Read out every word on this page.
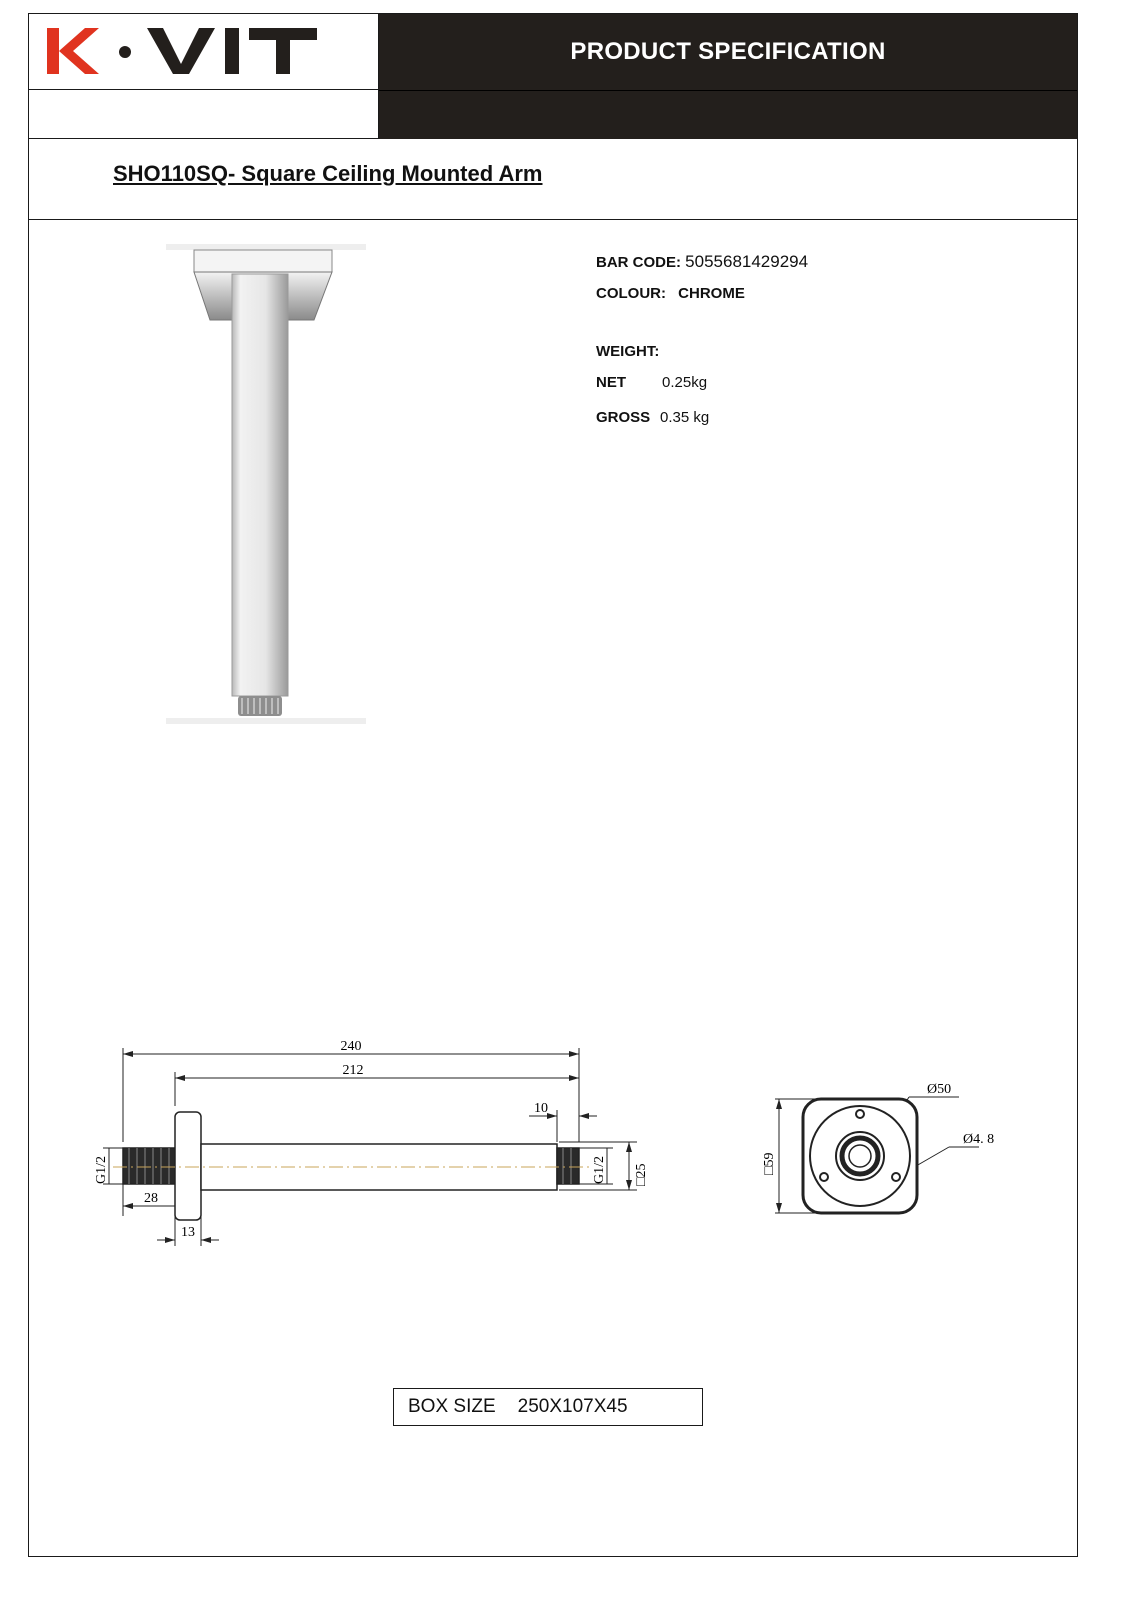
PRODUCT SPECIFICATION
SHO110SQ- Square Ceiling Mounted Arm
BAR CODE: 5055681429294
COLOUR: CHROME
WEIGHT:
NET 0.25kg
GROSS 0.35 kg
240
212
10
28
13
G1/2	G1/2 □25
Ø50
Ø4. 8
□59
BOX SIZE 250X107X45
